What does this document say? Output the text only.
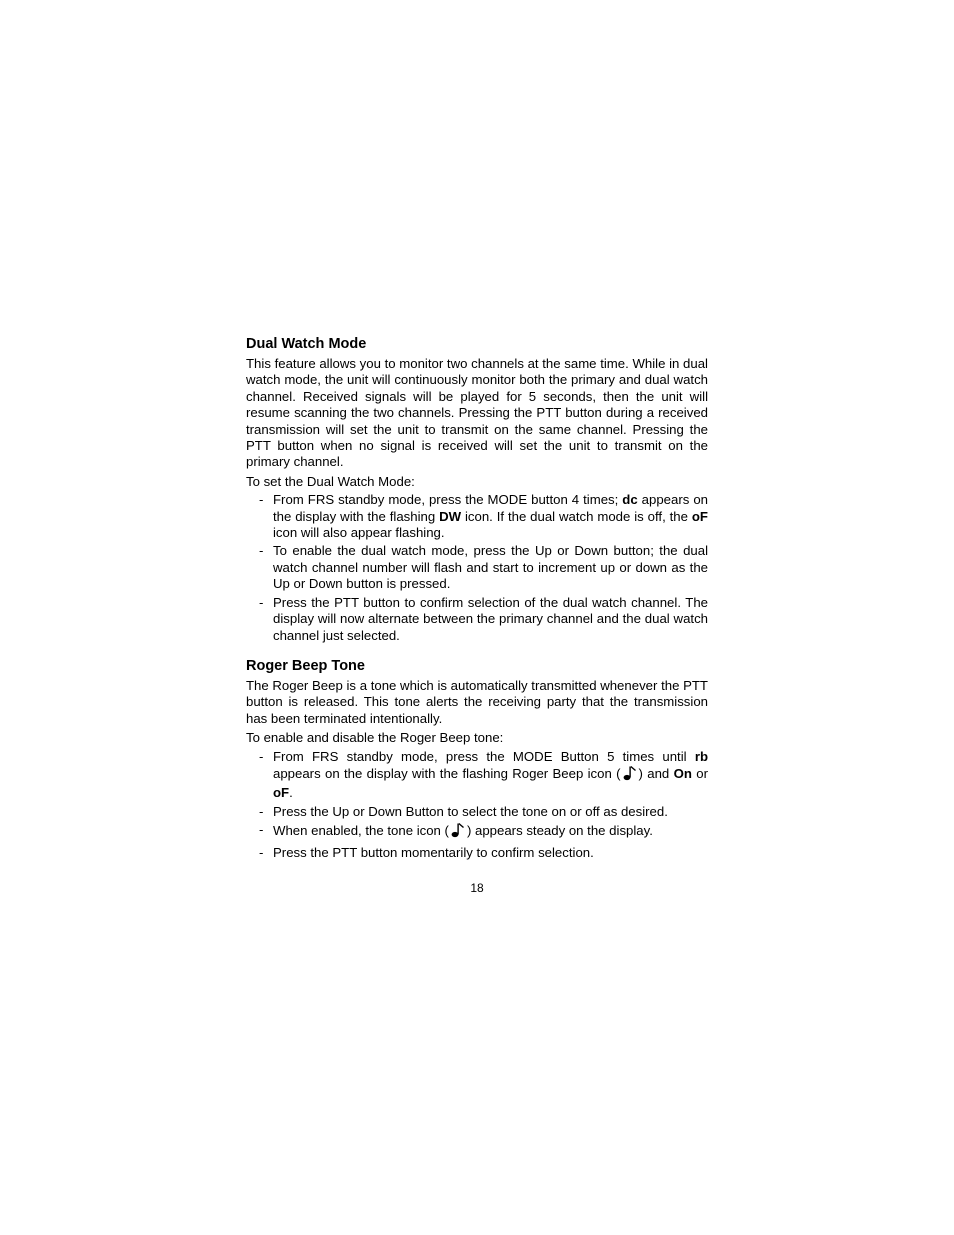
Dual Watch Mode

This feature allows you to monitor two channels at the same time. While in dual watch mode, the unit will continuously monitor both the primary and dual watch channel. Received signals will be played for 5 seconds, then the unit will resume scanning the two channels. Pressing the PTT button during a received transmission will set the unit to transmit on the same channel. Pressing the PTT button when no signal is received will set the unit to transmit on the primary channel.

To set the Dual Watch Mode:

- From FRS standby mode, press the MODE button 4 times; dc appears on the display with the flashing DW icon. If the dual watch mode is off, the oF icon will also appear flashing.
- To enable the dual watch mode, press the Up or Down button; the dual watch channel number will flash and start to increment up or down as the Up or Down button is pressed.
- Press the PTT button to confirm selection of the dual watch channel. The display will now alternate between the primary channel and the dual watch channel just selected.
Roger Beep Tone

The Roger Beep is a tone which is automatically transmitted whenever the PTT button is released. This tone alerts the receiving party that the transmission has been terminated intentionally.

To enable and disable the Roger Beep tone:

- From FRS standby mode, press the MODE Button 5 times until rb appears on the display with the flashing Roger Beep icon ( ) and On or oF.
- Press the Up or Down Button to select the tone on or off as desired.
- When enabled, the tone icon ( ) appears steady on the display.
- Press the PTT button momentarily to confirm selection.
18
